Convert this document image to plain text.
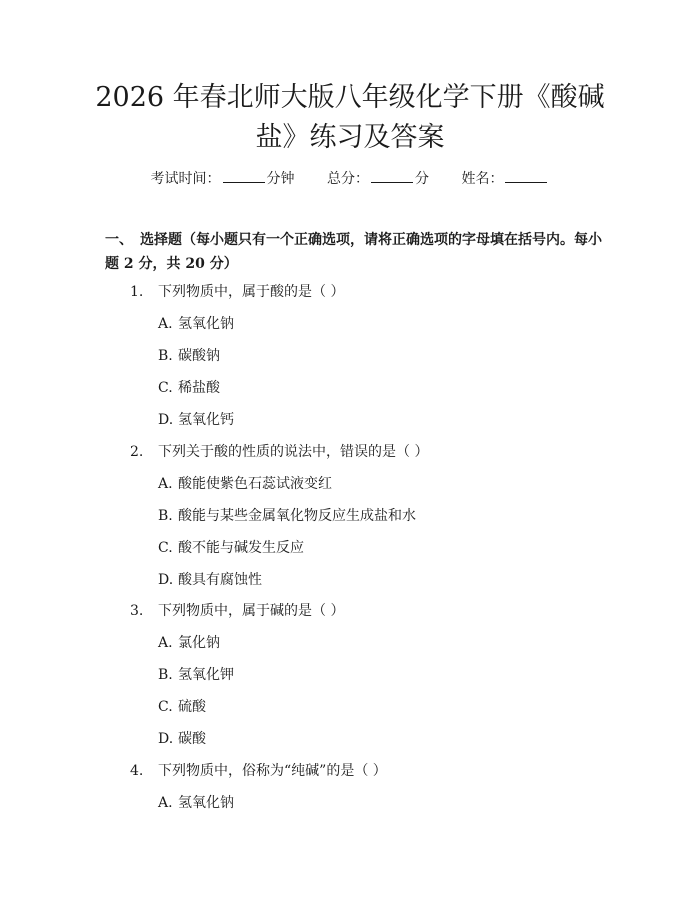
2026 年春北师大版八年级化学下册《酸碱
盐》练习及答案
考试时间：	分钟 总分：	分 姓名：

一、 选择题（每小题只有一个正确选项，请将正确选项的字母填在括号内。每小题 2 分，共 20 分）

1. 下列物质中，属于酸的是（ ）
A. 氢氧化钠
B. 碳酸钠
C. 稀盐酸
D. 氢氧化钙
2. 下列关于酸的性质的说法中，错误的是（ ）
A. 酸能使紫色石蕊试液变红
B. 酸能与某些金属氧化物反应生成盐和水
C. 酸不能与碱发生反应
D. 酸具有腐蚀性
3. 下列物质中，属于碱的是（ ）
A. 氯化钠
B. 氢氧化钾
C. 硫酸
D. 碳酸
4. 下列物质中，俗称为“纯碱”的是（ ）
A. 氢氧化钠
